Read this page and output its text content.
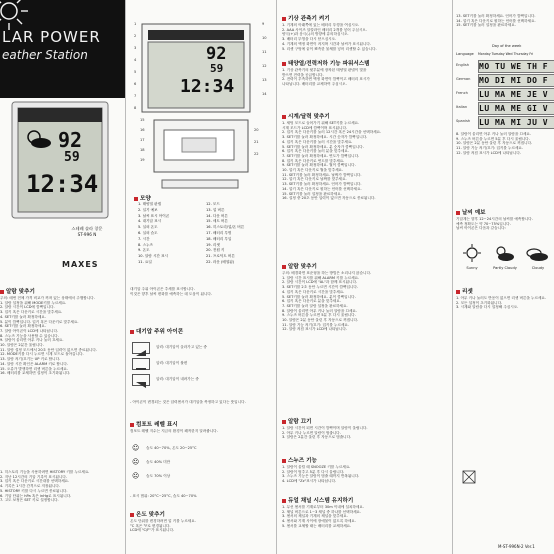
LAR POWER
eather Station
92
59
12:34
스테레 솔라 창문
ST-996 N
MAXES
알람 맞추기
주의: 매번 전체 가격 비교가 꺼져 있는 상태에서 주행합니다.
1. 알람 설정을 위해 MODE키를 누르세요.
2. 알람 시간이 LCD에 깜빡입니다.
3. 업키 혹은 다운키로 시간을 맞추세요.
4. SET키를 눌러 확정하세요.
5. 분이 깜빡입니다. 업키 혹은 다운키로 맞추세요.
6. SET키를 눌러 확정하세요.
7. 알람 아이콘이 LCD에 나타납니다.
8. 스누즈 기능을 사용할 수 있습니다.
9. 알람이 울리면 아무 키나 눌러 끄세요.
10. 알람은 2분간 울립니다.
11. 알람 설정 모드에서 20초 동안 입력이 없으면 종료됩니다.
12. MODE키를 다시 누르면 시계 모드로 돌아갑니다.
13. 알람 켜기/끄기는 UP 키로 합니다.
14. 알람 시간 확인은 ALARM 키로 합니다.
15. 오류가 발생하면 리셋 버튼을 누르세요.
16. 배터리를 교체하면 설정이 초기화됩니다.
1. 히스토리 기능을 사용하려면 HISTORY 키를 누르세요.
2. 지난 12시간의 기압 기록이 표시됩니다.
3. 업키 혹은 다운키로 시간대를 선택하세요.
4. 기록은 1시간 간격으로 저장됩니다.
5. HISTORY 키를 다시 누르면 종료됩니다.
6. 기압 단위는 hPa 혹은 inHg로 표시됩니다.
7. 고도 보정은 SET 키로 설정합니다.
92
59
12:34
1
2
3
4
5
6
7
8
9
10
11
12
13
14
15
16
17
18
19
20
21
22
모양
1. 태양열 판넬
2. 일기 예보
3. 날씨 표시 아이콘
4. 대기압 표시
5. 실외 온도
6. 실외 습도
7. 시간
8. 스누즈
9. 온도
10. 알람 시간 표시
11. 요일
12. 모드
13. 업 버튼
14. 다운 버튼
15. 세트 버튼
16. 히스토리/업/온 버튼
17. 배터리 투명
18. 배터리 투입
19. 리셋
20. 전원 키
21. 프로덕트 버튼
22. 라운 (배열됨)
대기압 주위 아이콘은 추세를 표시합니다.
이것은 향후 날씨 변화를 예측하는 데 도움이 됩니다.
대기압 주위 아이콘
압력: 대기압이 올라가고 있는 중
압력: 대기압이 불변
압력: 대기압이 내려가는 중
- 아이콘이 변경되는 것은 압력센서가 대기압을 측정하고 있다는 뜻입니다.
컴포트 레벨 표시
컴포트 레벨 지수는 지금의 환경이 쾌적한지 알려줍니다.
☺ 습도 40~70%, 온도 20~25°C
☹ 습도 40% 미만
☹ 습도 70% 이상
- 표시 범위: 20°C~25°C, 습도 40~70%
온도 맞추기
온도 단위를 변경하려면 업 키를 누르세요.
°C 혹은 °F로 변경됩니다.
LCD에 "C/F"가 표시됩니다.
기상 관측기 켜기
1. 기계의 아래쪽에 있는 배터리 뚜껑을 여십시오.
2. AAA 사이즈 알칼라인 배터리 2개를 넣어 주십시오.
양극(+)과 음극(-)의 방향에 유의하십시오.
3. 배터리 뚜껑을 다시 닫으십시오.
4. 기계의 액정 화면이 켜지며 시간과 날씨가 표시됩니다.
5. 리셋 구멍에 끝이 뾰족한 물체를 넣어 리셋할 수 있습니다.
태양열/전력저하 기능 파워서스템
1. 기상 관측기의 윗부분에 장착된 태양열 판넬이 빛을
받으면 전력을 공급합니다.
2. 전력이 부족하면 액정 화면이 깜빡이고 배터리 표시가
나타납니다. 배터리를 교체하여 주십시오.
시계/달력 맞추기
1. 세팅 모드로 들어가기 위해 SET키를 누르세요.
시계 모드가 LCD에 깜빡이며 표시됩니다.
2. 업키 혹은 다운키를 눌러 12시간 혹은 24시간을 선택하세요.
3. SET키를 눌러 확정하세요. 시간 숫자가 깜빡입니다.
4. 업키 혹은 다운키를 눌러 시간을 맞추세요.
5. SET키를 눌러 확정하세요. 분 숫자가 깜빡입니다.
6. 업키 혹은 다운키를 눌러 분을 맞추세요.
7. SET키를 눌러 확정하세요. 연도가 깜빡입니다.
8. 업키 혹은 다운키로 연도를 맞추세요.
9. SET키를 눌러 확정하세요. 월이 깜빡입니다.
10. 업키 혹은 다운키로 월을 맞추세요.
11. SET키를 눌러 확정하세요. 날짜가 깜빡입니다.
12. 업키 혹은 다운키로 날짜를 맞추세요.
13. SET키를 눌러 확정하세요. 언어가 깜빡입니다.
14. 업키 혹은 다운키로 원하는 언어를 선택하세요.
15. SET키를 눌러 설정을 완료하세요.
16. 설정 중 20초 동안 입력이 없으면 자동으로 종료됩니다.
알람 맞추기
주의: 배경화면 표준형을 하는 방법은 소리나지 않습니다.
1. 알람 시간 표시를 위해 ALARM 키를 누르세요.
2. 알람 시간이 LCD에 "AL"과 함께 표시됩니다.
3. SET키를 2초 동안 누르면 시간이 깜빡입니다.
4. 업키 혹은 다운키로 시간을 맞추세요.
5. SET키를 눌러 확정하세요. 분이 깜빡입니다.
6. 업키 혹은 다운키로 분을 맞추세요.
7. SET키를 눌러 알람 설정을 완료하세요.
8. 알람이 울리면 아무 키나 눌러 알람을 끄세요.
9. 스누즈 버튼을 누르면 5분 후 다시 울립니다.
10. 알람은 2분 동안 울린 후 자동으로 꺼집니다.
11. 알람 기능 켜기/끄기: 업키를 누르세요.
12. 알람 켜짐 표시가 LCD에 나타납니다.
알람 끄기
1. 알람 시간이 되면 시간이 깜빡이며 알람이 울립니다.
2. 아무 키나 누르면 알람이 멈춥니다.
3. 알람은 2분간 울린 후 자동으로 멈춥니다.
스누즈 기능
1. 알람이 울릴 때 SNOOZE 키를 누르세요.
2. 알람이 멈추고 5분 후 다시 울립니다.
3. 스누즈 기능은 알람이 멈출 때까지 반복됩니다.
4. LCD에 "Zz"표시가 나타납니다.
듀얼 채널 시스템 유지하기
1. 무선 센서를 기계로부터 30m 이내에 설치하세요.
2. 채널 버튼으로 1~3 채널 중 하나를 선택하세요.
3. 센서의 채널과 기계의 채널을 맞추세요.
4. 센서와 기계 사이에 장애물이 없도록 하세요.
5. 센서를 교체할 때는 배터리를 교체하세요.
13. SET키를 눌러 확정하세요. 언어가 깜빡입니다.
14. 업키 혹은 다운키로 원하는 언어를 선택하세요.
15. SET키를 눌러 설정을 완료하세요.
Day of the week
Language Monday Tuesday Wed Thursday Fri
English MO TU WE TH F
German MO DI MI DO F
French LU MA ME JE V
Italian LU MA ME GI V
Spanish LU MA MI JU V
8. 알람이 울리면 아무 키나 눌러 알람을 끄세요.
9. 스누즈 버튼을 누르면 5분 후 다시 울립니다.
10. 알람은 2분 동안 울린 후 자동으로 꺼집니다.
11. 알람 기능 켜기/끄기: 업키를 누르세요.
12. 알람 켜짐 표시가 LCD에 나타납니다.
날씨 예보
기압계는 향후 12~24시간의 날씨를 예측합니다.
예측 정확도는 약 70~75%입니다.
날씨 아이콘은 다음과 같습니다:
Sunny	Partly Cloudy	Cloudy
리셋
1. 아무 키나 눌러도 반응이 없으면 리셋 버튼을 누르세요.
2. 모든 설정이 초기화됩니다.
3. 시계와 알람을 다시 설정해 주십시오.
M-ST-996N-2 Ver.1
